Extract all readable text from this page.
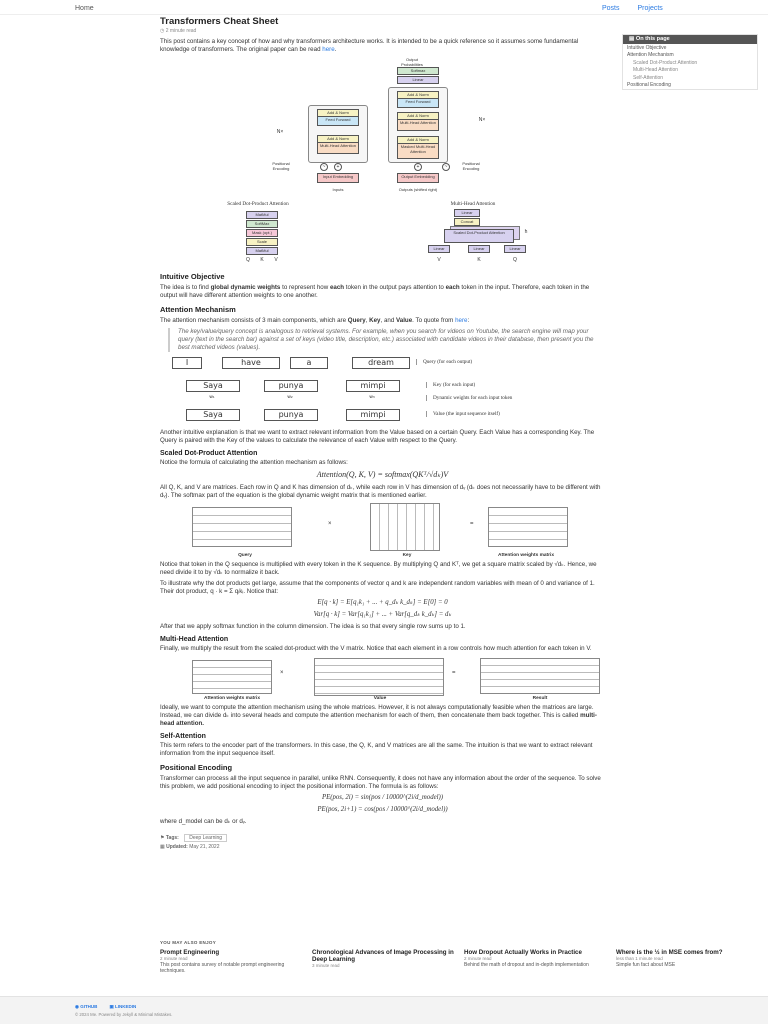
Home	Posts	Projects
▤ On this page
Intuitive Objective
Attention Mechanism
Scaled Dot-Product Attention
Multi-Head Attention
Self-Attention
Positional Encoding
Transformers Cheat Sheet
◷ 2 minute read

This post contains a key concept of how and why transformers architecture works. It is intended to be a quick reference so it assumes some fundamental knowledge of transformers. The original paper can be read here.

Output Probabilities
Softmax
Linear
Add & Norm
Feed Forward
Add & Norm
Multi-Head Attention
Add & Norm
Masked Multi-Head Attention
Add & Norm
Feed Forward
Add & Norm
Multi-Head Attention
N×
N×
Positional Encoding
Positional Encoding
~	+	+	~
Input Embedding	Output Embedding
Inputs	Outputs (shifted right)
Scaled Dot-Product Attention
MatMul
SoftMax
Mask (opt.)
Scale
MatMul
Q	K	V
Multi-Head Attention
Linear
Concat
Scaled Dot-Product Attention	h
Linear	Linear	Linear
V	K	Q
Intuitive Objective

The idea is to find global dynamic weights to represent how each token in the output pays attention to each token in the input. Therefore, each token in the output will have different attention weights to one another.

Attention Mechanism

The attention mechanism consists of 3 main components, which are Query, Key, and Value. To quote from here:

The key/value/query concept is analogous to retrieval systems. For example, when you search for videos on Youtube, the search engine will map your query (text in the search bar) against a set of keys (video title, description, etc.) associated with candidate videos in their database, then present you the best matched videos (values).
I	have	a	dream	Query (for each output)
Saya	punya	mimpi	Key (for each input)
w₁	w₂	w₃	Dynamic weights for each input token
Saya	punya	mimpi	Value (the input sequence itself)

Another intuitive explanation is that we want to extract relevant information from the Value based on a certain Query. Each Value has a corresponding Key. The Query is paired with the Key of the values to calculate the relevance of each Value with respect to the Query.

Scaled Dot-Product Attention

Notice the formula of calculating the attention mechanism as follows:

Attention(Q, K, V) = softmax(QKᵀ/√dₖ)V

All Q, K, and V are matrices. Each row in Q and K has dimension of dₖ, while each row in V has dimension of dᵥ (dₖ does not necessarily have to be different with dᵥ). The softmax part of the equation is the global dynamic weight matrix that is mentioned earlier.

×	=
Query	Key	Attention weights matrix

Notice that token in the Q sequence is multiplied with every token in the K sequence. By multiplying Q and Kᵀ, we get a square matrix scaled by √dₖ. Hence, we need divide it to by √dₖ to normalize it back.

To illustrate why the dot products get large, assume that the components of vector q and k are independent random variables with mean of 0 and variance of 1. Their dot product, q · k = Σ qᵢkᵢ. Notice that:

E[q · k] = E[q₁k₁ + ... + q_dₖ k_dₖ] = E[0] = 0
Var[q · k] = Var[q₁k₁] + ... + Var[q_dₖ k_dₖ] = dₖ

After that we apply softmax function in the column dimension. The idea is so that every single row sums up to 1.

Multi-Head Attention

Finally, we multiply the result from the scaled dot-product with the V matrix. Notice that each element in a row controls how much attention for each token in V.

×	=
Attention weights matrix	Value	Result

Ideally, we want to compute the attention mechanism using the whole matrices. However, it is not always computationally feasible when the matrices are large. Instead, we can divide dₖ into several heads and compute the attention mechanism for each of them, then concatenate them back together. This is called multi-head attention.

Self-Attention

This term refers to the encoder part of the transformers. In this case, the Q, K, and V matrices are all the same. The intuition is that we want to extract relevant information from the input sequence itself.

Positional Encoding

Transformer can process all the input sequence in parallel, unlike RNN. Consequently, it does not have any information about the order of the sequence. To solve this problem, we add positional encoding to inject the positional information. The formula is as follows:

PE(pos, 2i) = sin(pos / 10000^(2i/d_model))
PE(pos, 2i+1) = cos(pos / 10000^(2i/d_model))

where d_model can be dₖ or dᵥ.

⚑ Tags: Deep Learning
▦ Updated: May 21, 2022
YOU MAY ALSO ENJOY
Prompt Engineering
2 minute read
This post contains survey of notable prompt engineering techniques.
Chronological Advances of Image Processing in Deep Learning
3 minute read
How Dropout Actually Works in Practice
2 minute read
Behind the math of dropout and in-depth implementation
Where is the ½ in MSE comes from?
less than 1 minute read
Simple fun fact about MSE
◉ GITHUB	▣ LINKEDIN
© 2024 Me. Powered by Jekyll & Minimal Mistakes.
